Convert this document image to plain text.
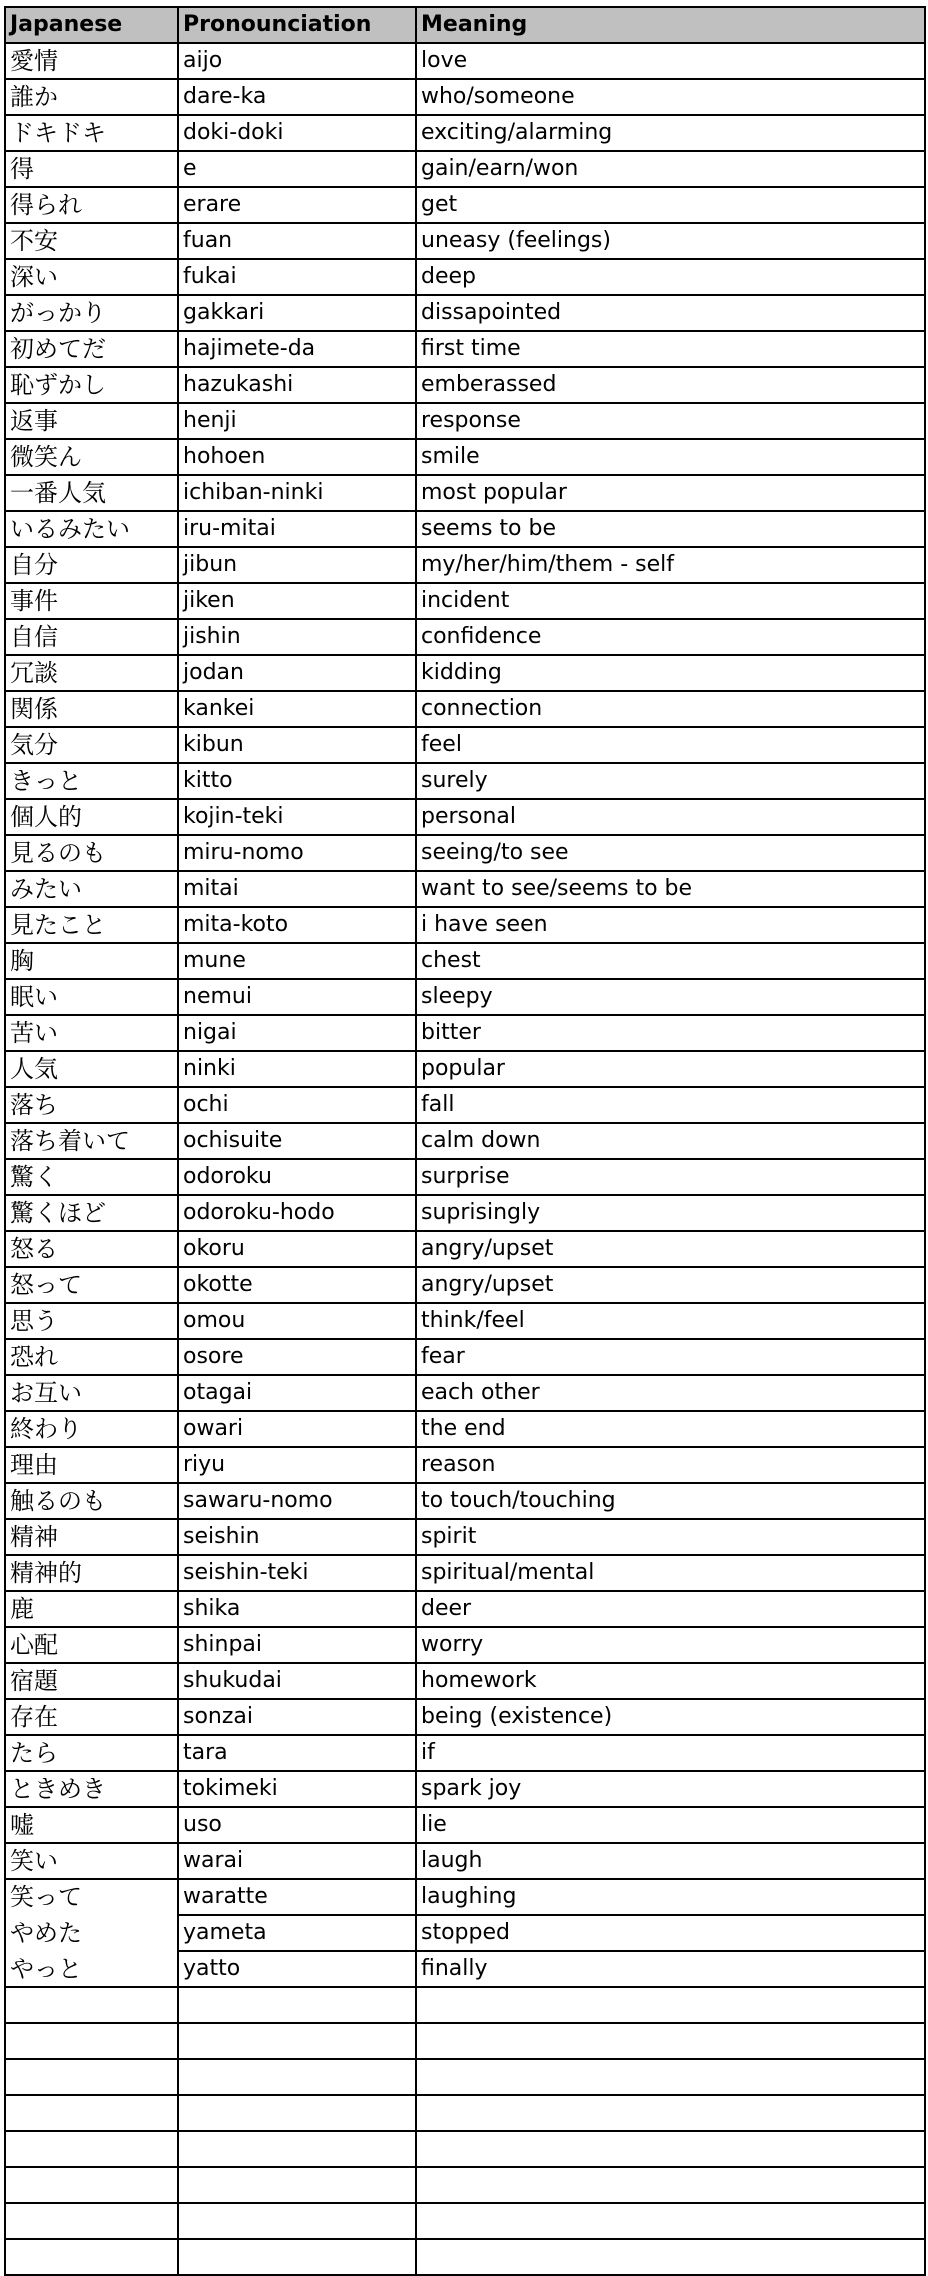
Japanese	Pronounciation	Meaning
愛情	aijo	love
誰か	dare-ka	who/someone
ドキドキ	doki-doki	exciting/alarming
得	e	gain/earn/won
得られ	erare	get
不安	fuan	uneasy (feelings)
深い	fukai	deep
がっかり	gakkari	dissapointed
初めてだ	hajimete-da	first time
恥ずかし	hazukashi	emberassed
返事	henji	response
微笑ん	hohoen	smile
一番人気	ichiban-ninki	most popular
いるみたい	iru-mitai	seems to be
自分	jibun	my/her/him/them - self
事件	jiken	incident
自信	jishin	confidence
冗談	jodan	kidding
関係	kankei	connection
気分	kibun	feel
きっと	kitto	surely
個人的	kojin-teki	personal
見るのも	miru-nomo	seeing/to see
みたい	mitai	want to see/seems to be
見たこと	mita-koto	i have seen
胸	mune	chest
眠い	nemui	sleepy
苦い	nigai	bitter
人気	ninki	popular
落ち	ochi	fall
落ち着いて	ochisuite	calm down
驚く	odoroku	surprise
驚くほど	odoroku-hodo	suprisingly
怒る	okoru	angry/upset
怒って	okotte	angry/upset
思う	omou	think/feel
恐れ	osore	fear
お互い	otagai	each other
終わり	owari	the end
理由	riyu	reason
触るのも	sawaru-nomo	to touch/touching
精神	seishin	spirit
精神的	seishin-teki	spiritual/mental
鹿	shika	deer
心配	shinpai	worry
宿題	shukudai	homework
存在	sonzai	being (existence)
たら	tara	if
ときめき	tokimeki	spark joy
嘘	uso	lie
笑い	warai	laugh
笑って	waratte	laughing
やめた	yameta	stopped
やっと	yatto	finally
